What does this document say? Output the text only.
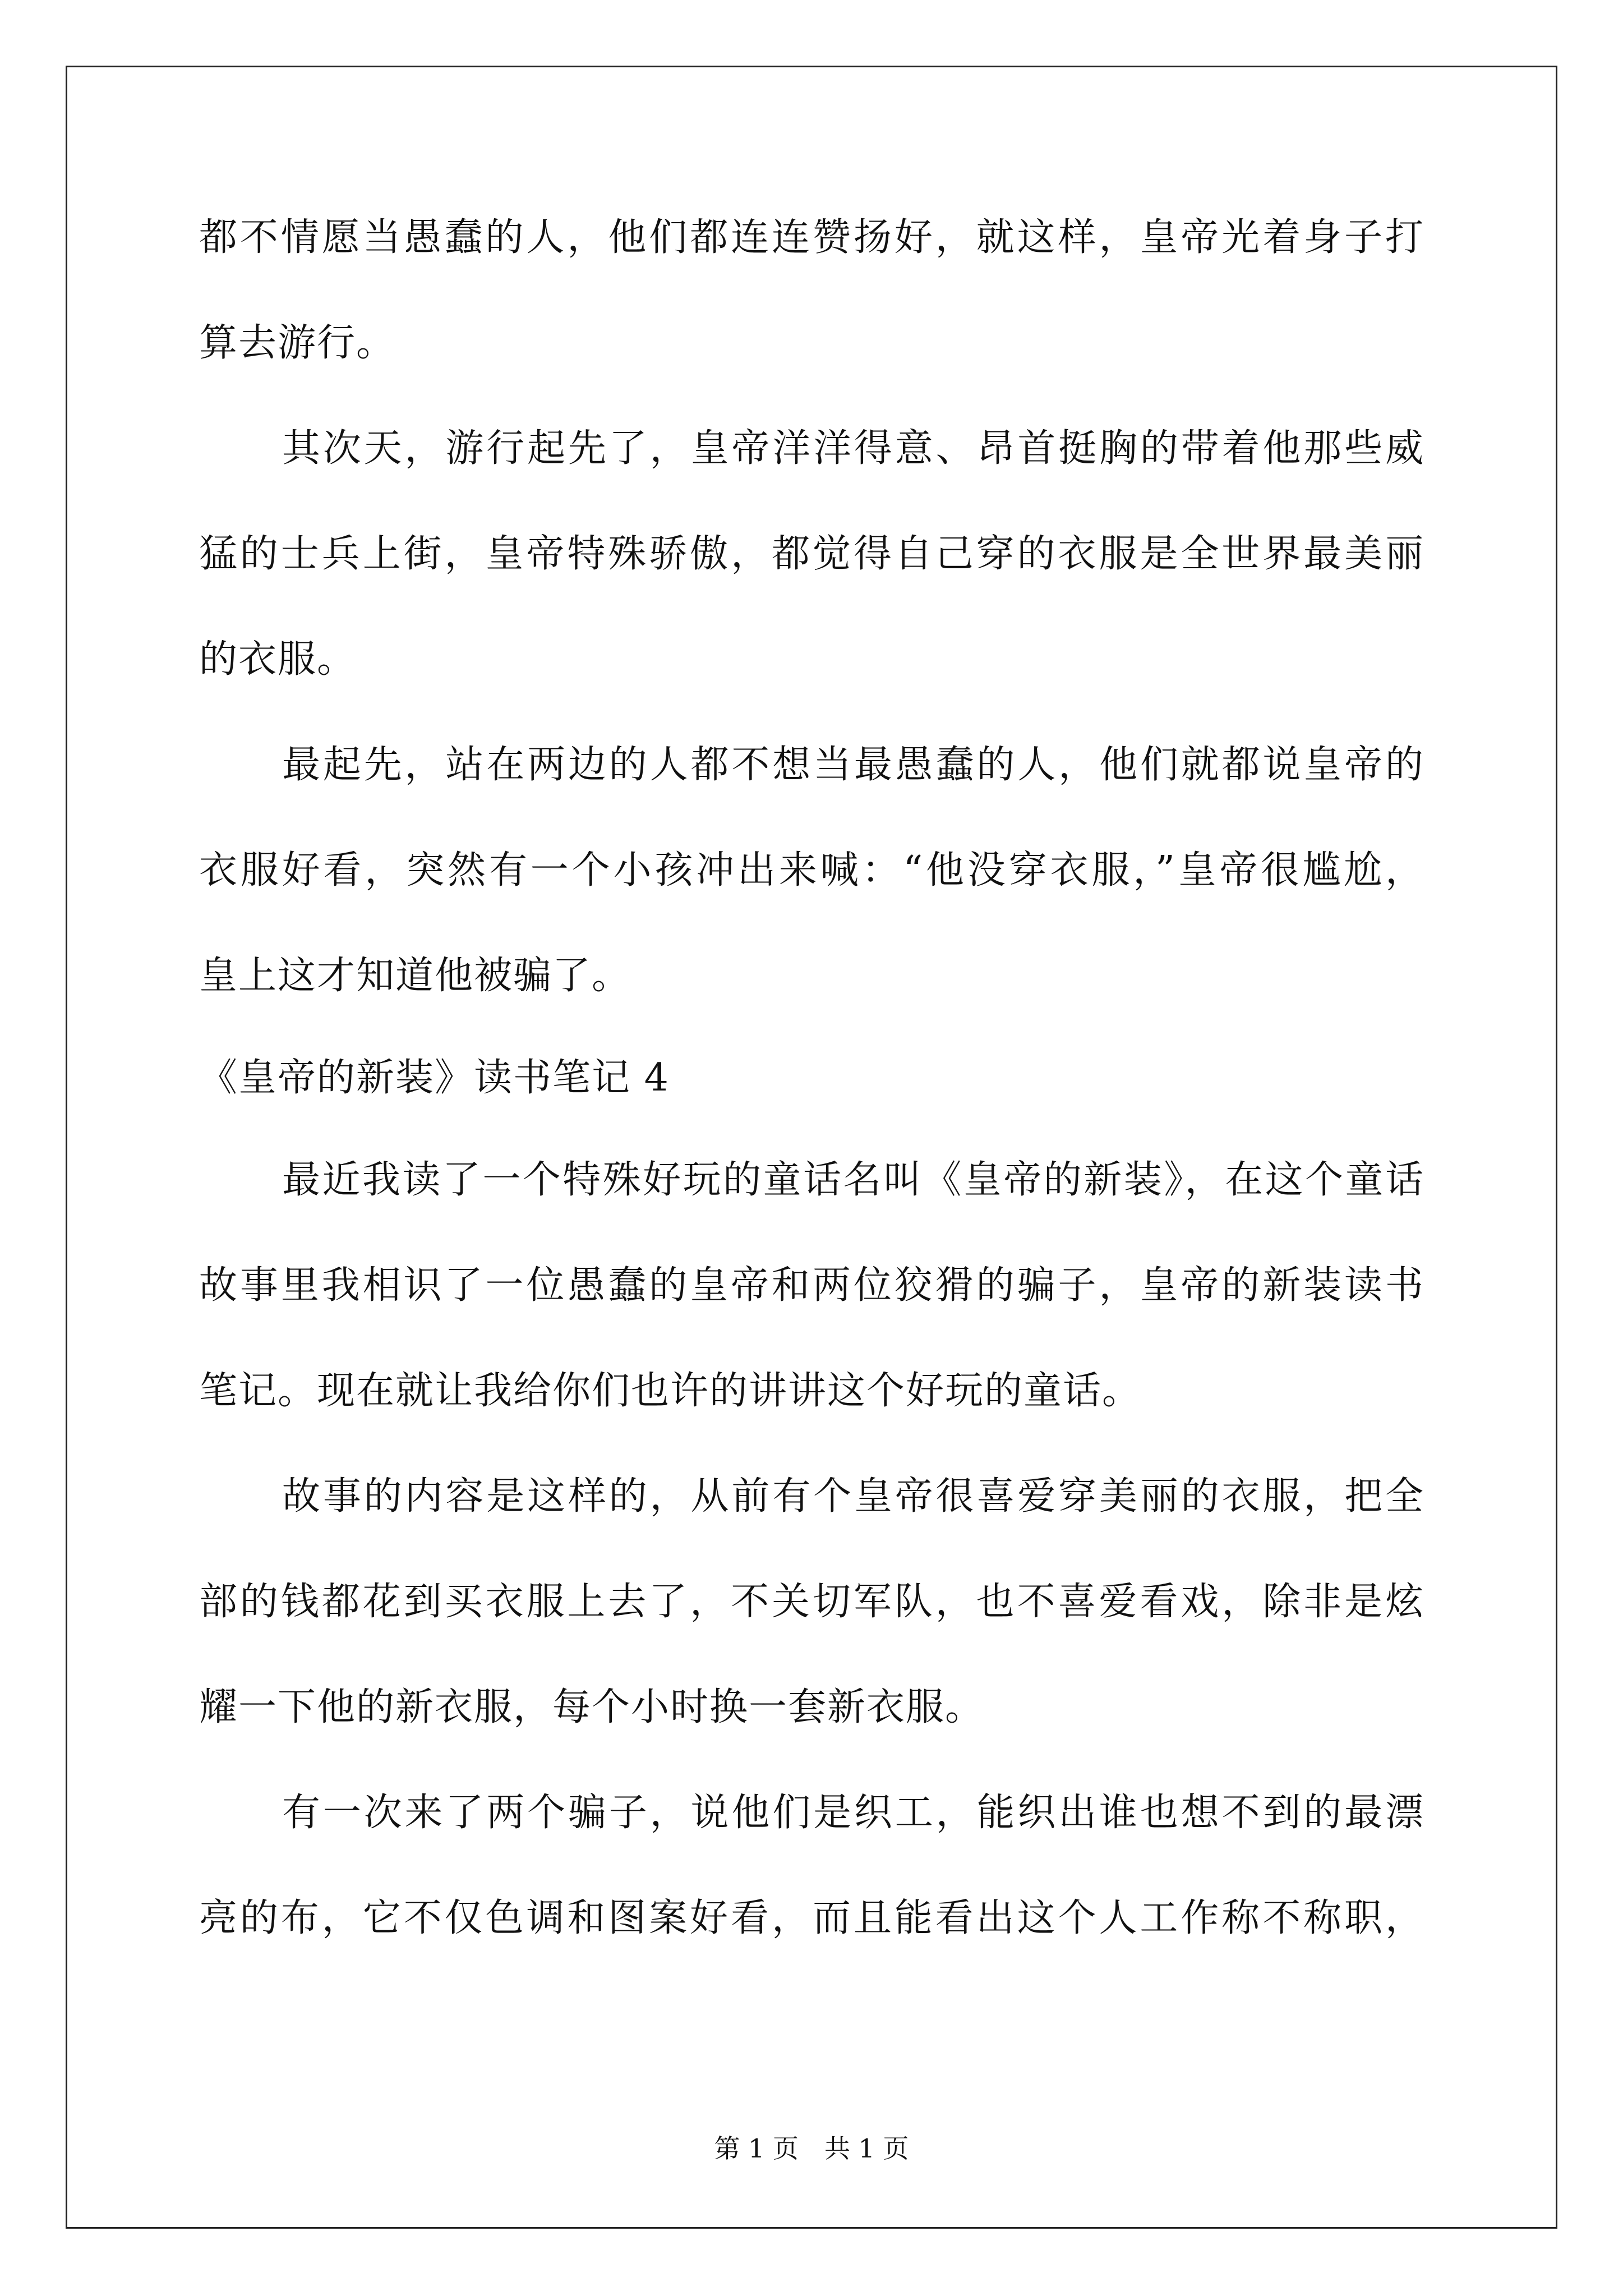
都不情愿当愚蠢的人，他们都连连赞扬好，就这样，皇帝光着身子打
算去游行。
其次天，游行起先了，皇帝洋洋得意、昂首挺胸的带着他那些威
猛的士兵上街，皇帝特殊骄傲，都觉得自己穿的衣服是全世界最美丽
的衣服。
最起先，站在两边的人都不想当最愚蠢的人，他们就都说皇帝的
衣服好看，突然有一个小孩冲出来喊：“他没穿衣服，”皇帝很尴尬，
皇上这才知道他被骗了。
《皇帝的新装》读书笔记 4
最近我读了一个特殊好玩的童话名叫《皇帝的新装》，在这个童话
故事里我相识了一位愚蠢的皇帝和两位狡猾的骗子，皇帝的新装读书
笔记。现在就让我给你们也许的讲讲这个好玩的童话。
故事的内容是这样的，从前有个皇帝很喜爱穿美丽的衣服，把全
部的钱都花到买衣服上去了，不关切军队，也不喜爱看戏，除非是炫
耀一下他的新衣服，每个小时换一套新衣服。
有一次来了两个骗子，说他们是织工，能织出谁也想不到的最漂
亮的布，它不仅色调和图案好看，而且能看出这个人工作称不称职，
第 1 页　共 1 页
